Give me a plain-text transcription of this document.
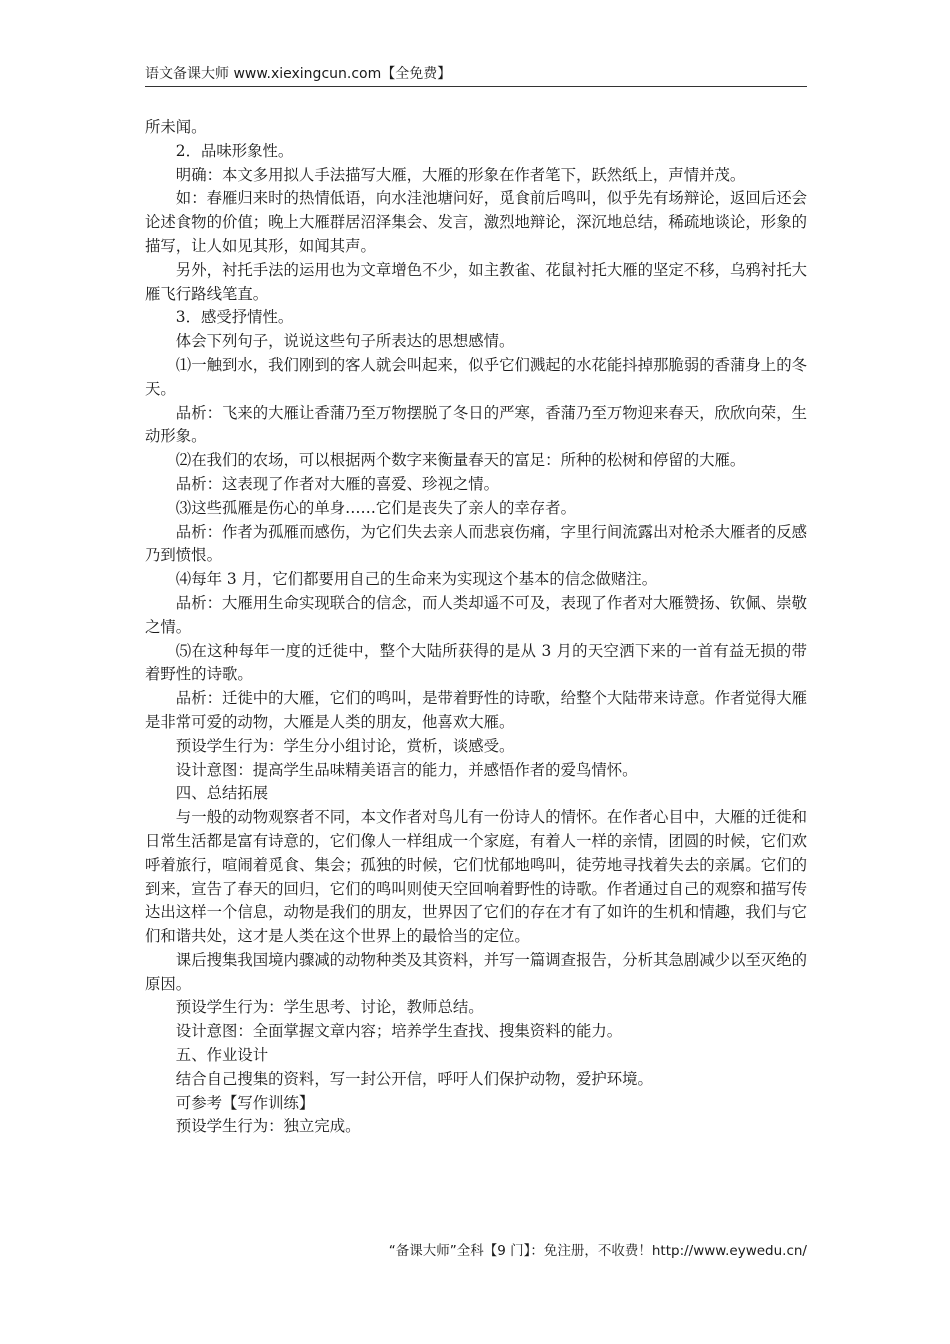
语文备课大师 www.xiexingcun.com【全免费】

所未闻。

2．品味形象性。

明确：本文多用拟人手法描写大雁，大雁的形象在作者笔下，跃然纸上，声情并茂。

如：春雁归来时的热情低语，向水洼池塘问好，觅食前后鸣叫，似乎先有场辩论，返回后还会论述食物的价值；晚上大雁群居沼泽集会、发言，激烈地辩论，深沉地总结，稀疏地谈论，形象的描写，让人如见其形，如闻其声。

另外，衬托手法的运用也为文章增色不少，如主教雀、花鼠衬托大雁的坚定不移，乌鸦衬托大雁飞行路线笔直。

3．感受抒情性。

体会下列句子，说说这些句子所表达的思想感情。

⑴一触到水，我们刚到的客人就会叫起来，似乎它们溅起的水花能抖掉那脆弱的香蒲身上的冬天。

品析：飞来的大雁让香蒲乃至万物摆脱了冬日的严寒，香蒲乃至万物迎来春天，欣欣向荣，生动形象。

⑵在我们的农场，可以根据两个数字来衡量春天的富足：所种的松树和停留的大雁。

品析：这表现了作者对大雁的喜爱、珍视之情。

⑶这些孤雁是伤心的单身……它们是丧失了亲人的幸存者。

品析：作者为孤雁而感伤，为它们失去亲人而悲哀伤痛，字里行间流露出对枪杀大雁者的反感乃到愤恨。

⑷每年 3 月，它们都要用自己的生命来为实现这个基本的信念做赌注。

品析：大雁用生命实现联合的信念，而人类却遥不可及，表现了作者对大雁赞扬、钦佩、崇敬之情。

⑸在这种每年一度的迁徙中，整个大陆所获得的是从 3 月的天空洒下来的一首有益无损的带着野性的诗歌。

品析：迁徙中的大雁，它们的鸣叫，是带着野性的诗歌，给整个大陆带来诗意。作者觉得大雁是非常可爱的动物，大雁是人类的朋友，他喜欢大雁。

预设学生行为：学生分小组讨论，赏析，谈感受。

设计意图：提高学生品味精美语言的能力，并感悟作者的爱鸟情怀。

四、总结拓展

与一般的动物观察者不同，本文作者对鸟儿有一份诗人的情怀。在作者心目中，大雁的迁徙和日常生活都是富有诗意的，它们像人一样组成一个家庭，有着人一样的亲情，团圆的时候，它们欢呼着旅行，喧闹着觅食、集会；孤独的时候，它们忧郁地鸣叫，徒劳地寻找着失去的亲属。它们的到来，宣告了春天的回归，它们的鸣叫则使天空回响着野性的诗歌。作者通过自己的观察和描写传达出这样一个信息，动物是我们的朋友，世界因了它们的存在才有了如许的生机和情趣，我们与它们和谐共处，这才是人类在这个世界上的最恰当的定位。

课后搜集我国境内骤减的动物种类及其资料，并写一篇调查报告，分析其急剧减少以至灭绝的原因。

预设学生行为：学生思考、讨论，教师总结。

设计意图：全面掌握文章内容；培养学生查找、搜集资料的能力。

五、作业设计

结合自己搜集的资料，写一封公开信，呼吁人们保护动物，爱护环境。

可参考【写作训练】

预设学生行为：独立完成。

“备课大师”全科【9 门】：免注册，不收费！http://www.eywedu.cn/
